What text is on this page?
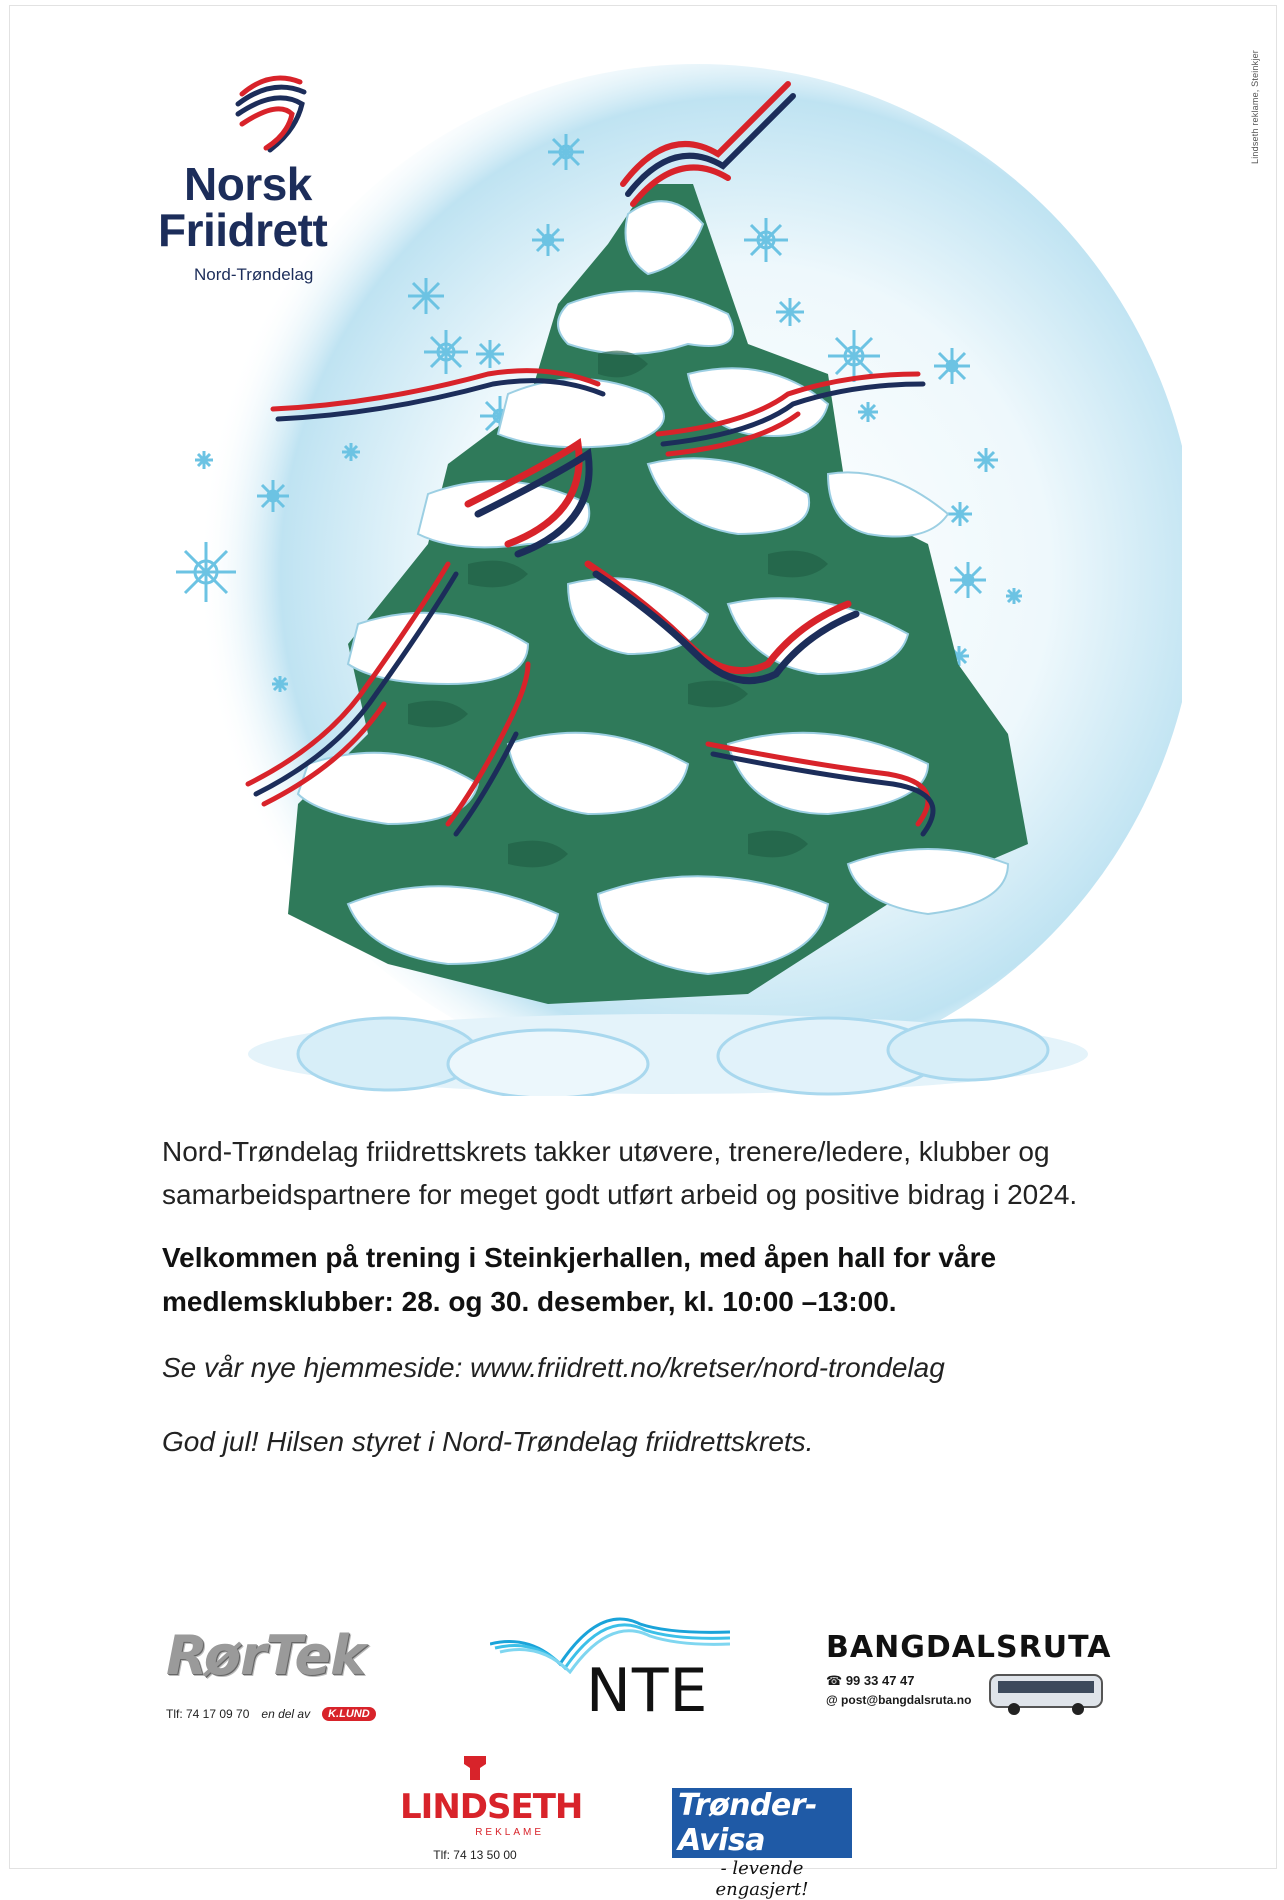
Lindseth reklame, Steinkjer
Norsk
Friidrett
Nord-Trøndelag

Nord-Trøndelag friidrettskrets takker utøvere, trenere/ledere, klubber og samarbeidspartnere for meget godt utført arbeid og positive bidrag i 2024.

Velkommen på trening i Steinkjerhallen, med åpen hall for våre medlemsklubber: 28. og 30. desember, kl. 10:00 –13:00.

Se vår nye hjemmeside: www.friidrett.no/kretser/nord-trondelag

God jul! Hilsen styret i Nord-Trøndelag friidrettskrets.

RørTek
Tlf: 74 17 09 70 en del av	K.LUND	NTE
BANGDALSRUTA
☎ 99 33 47 47
@ post@bangdalsruta.no
LINDSETH
REKLAME
Tlf: 74 13 50 00
Trønder-Avisa
- levende engasjert!
